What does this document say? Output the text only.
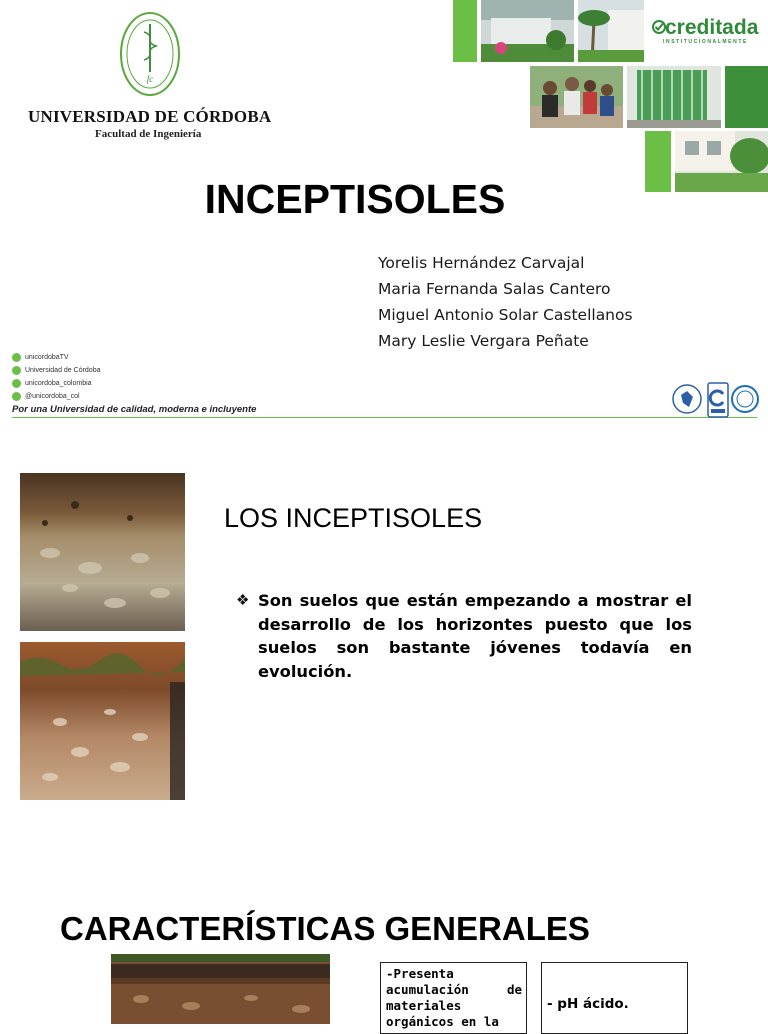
fc

UNIVERSIDAD DE CÓRDOBA
Facultad de Ingeniería
creditada
INSTITUCIONALMENTE
INCEPTISOLES
Yorelis Hernández Carvajal
Maria Fernanda Salas Cantero
Miguel Antonio Solar Castellanos
Mary Leslie Vergara Peñate
unicordobaTV
Universidad de Córdoba
unicordoba_colombia
@unicordoba_col
Por una Universidad de calidad, moderna e incluyente

LOS INCEPTISOLES
❖ Son suelos que están empezando a mostrar el desarrollo de los horizontes puesto que los suelos son bastante jóvenes todavía en evolución.
CARACTERÍSTICAS GENERALES
-Presenta acumulación de materiales orgánicos en la
- pH ácido.
